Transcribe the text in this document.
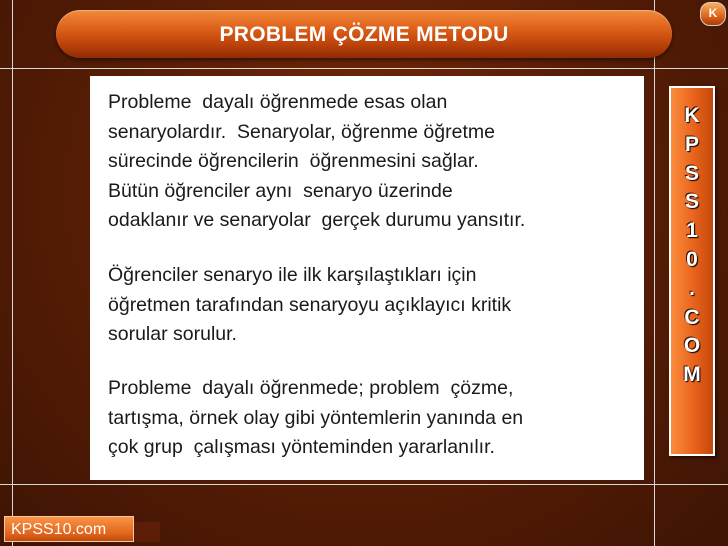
PROBLEM ÇÖZME METODU
K

Probleme  dayalı öğrenmede esas olan
senaryolardır.  Senaryolar, öğrenme öğretme
sürecinde öğrencilerin  öğrenmesini sağlar.
Bütün öğrenciler aynı  senaryo üzerinde
odaklanır ve senaryolar  gerçek durumu yansıtır.

Öğrenciler senaryo ile ilk karşılaştıkları için
öğretmen tarafından senaryoyu açıklayıcı kritik
sorular sorulur.

Probleme  dayalı öğrenmede; problem  çözme,
tartışma, örnek olay gibi yöntemlerin yanında en
çok grup  çalışması yönteminden yararlanılır.

K
P
S
S
1
0
.
C
O
M
KPSS10.com
